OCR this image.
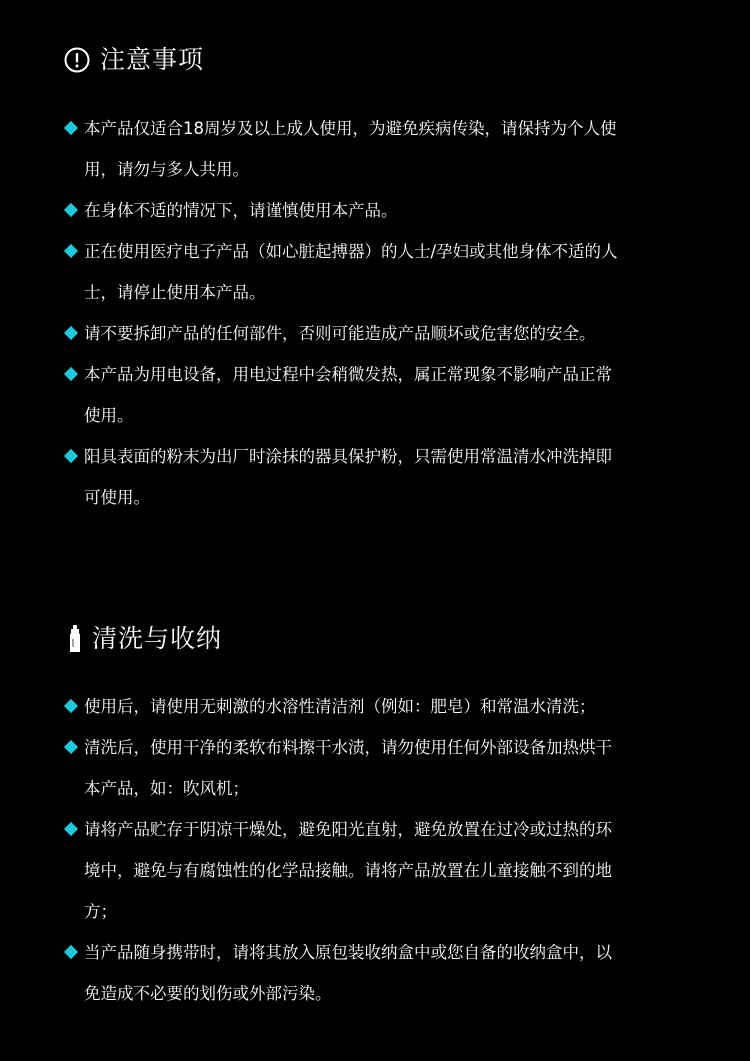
注意事项
本产品仅适合18周岁及以上成人使用，为避免疾病传染，请保持为个人使
用，请勿与多人共用。
在身体不适的情况下，请谨慎使用本产品。
正在使用医疗电子产品（如心脏起搏器）的人士/孕妇或其他身体不适的人
士，请停止使用本产品。
请不要拆卸产品的任何部件，否则可能造成产品顺坏或危害您的安全。
本产品为用电设备，用电过程中会稍微发热，属正常现象不影响产品正常
使用。
阳具表面的粉末为出厂时涂抹的器具保护粉，只需使用常温清水冲洗掉即
可使用。
清洗与收纳
使用后，请使用无刺激的水溶性清洁剂（例如：肥皂）和常温水清洗；
清洗后，使用干净的柔软布料擦干水渍，请勿使用任何外部设备加热烘干
本产品，如：吹风机；
请将产品贮存于阴凉干燥处，避免阳光直射，避免放置在过冷或过热的环
境中，避免与有腐蚀性的化学品接触。请将产品放置在儿童接触不到的地
方；
当产品随身携带时，请将其放入原包装收纳盒中或您自备的收纳盒中，以
免造成不必要的划伤或外部污染。
